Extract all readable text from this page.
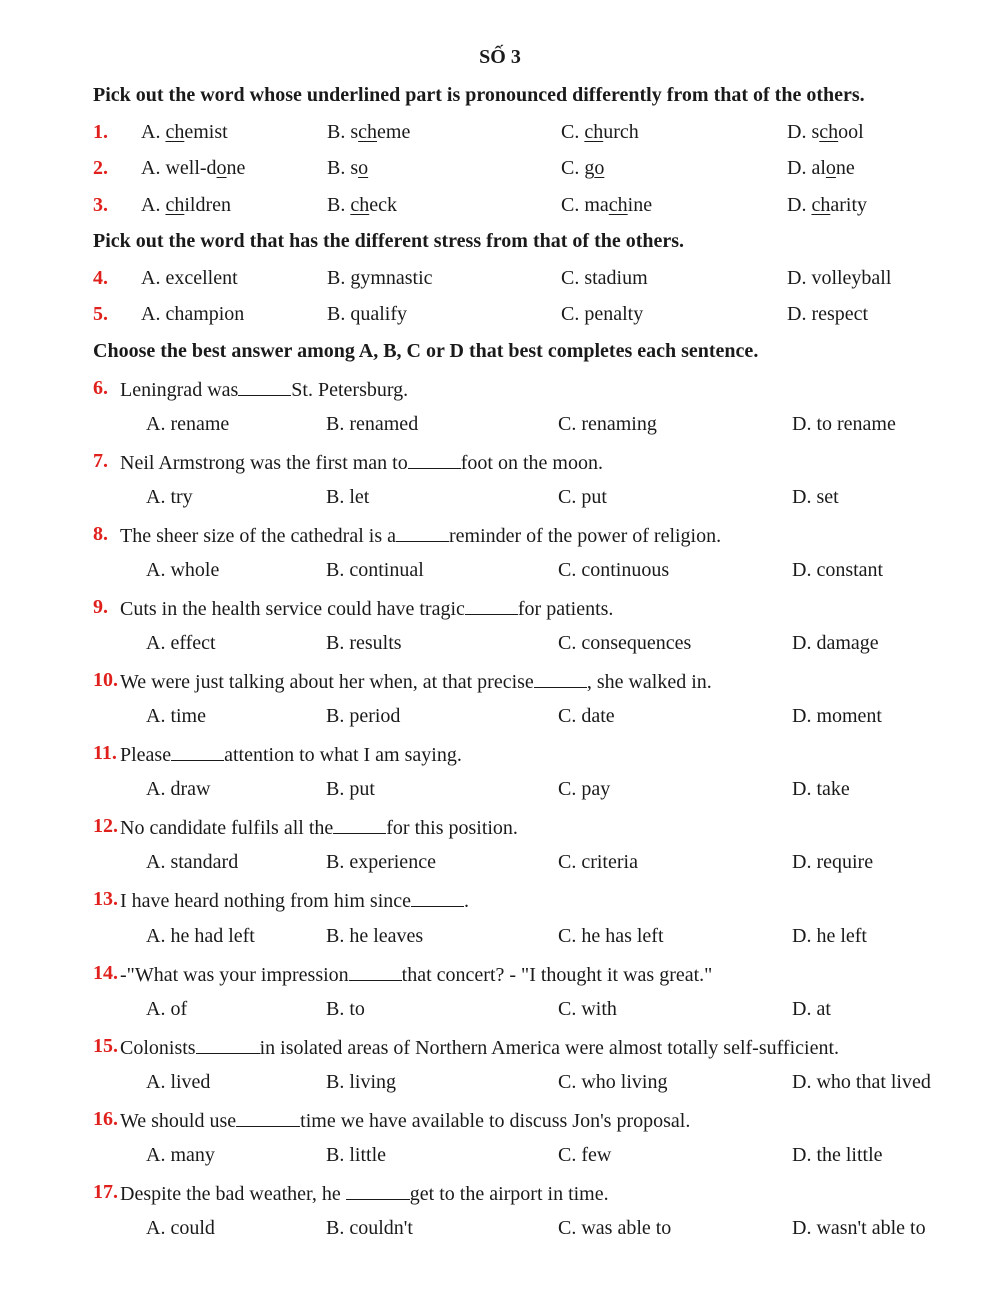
SỐ 3
Pick out the word whose underlined part is pronounced differently from that of the others.
1. A. chemist	B. scheme	C. church	D. school
2. A. well-done	B. so	C. go	D. alone
3. A. children	B. check	C. machine	D. charity
Pick out the word that has the different stress from that of the others.
4. A. excellent	B. gymnastic	C. stadium	D. volleyball
5. A. champion	B. qualify	C. penalty	D. respect
Choose the best answer among A, B, C or D that best completes each sentence.
6. Leningrad was	St. Petersburg.
A. rename	B. renamed	C. renaming	D. to rename
7. Neil Armstrong was the first man to	foot on the moon.
A. try	B. let	C. put	D. set
8. The sheer size of the cathedral is a	reminder of the power of religion.
A. whole	B. continual	C. continuous	D. constant
9. Cuts in the health service could have tragic	for patients.
A. effect	B. results	C. consequences	D. damage
10. We were just talking about her when, at that precise	, she walked in.
A. time	B. period	C. date	D. moment
11. Please	attention to what I am saying.
A. draw	B. put	C. pay	D. take
12. No candidate fulfils all the	for this position.
A. standard	B. experience	C. criteria	D. require
13. I have heard nothing from him since	.
A. he had left	B. he leaves	C. he has left	D. he left
14. -"What was your impression	that concert? - "I thought it was great."
A. of	B. to	C. with	D. at
15. Colonists	in isolated areas of Northern America were almost totally self-sufficient.
A. lived	B. living	C. who living	D. who that lived
16. We should use	time we have available to discuss Jon's proposal.
A. many	B. little	C. few	D. the little
17. Despite the bad weather, he	get to the airport in time.
A. could	B. couldn't	C. was able to	D. wasn't able to
